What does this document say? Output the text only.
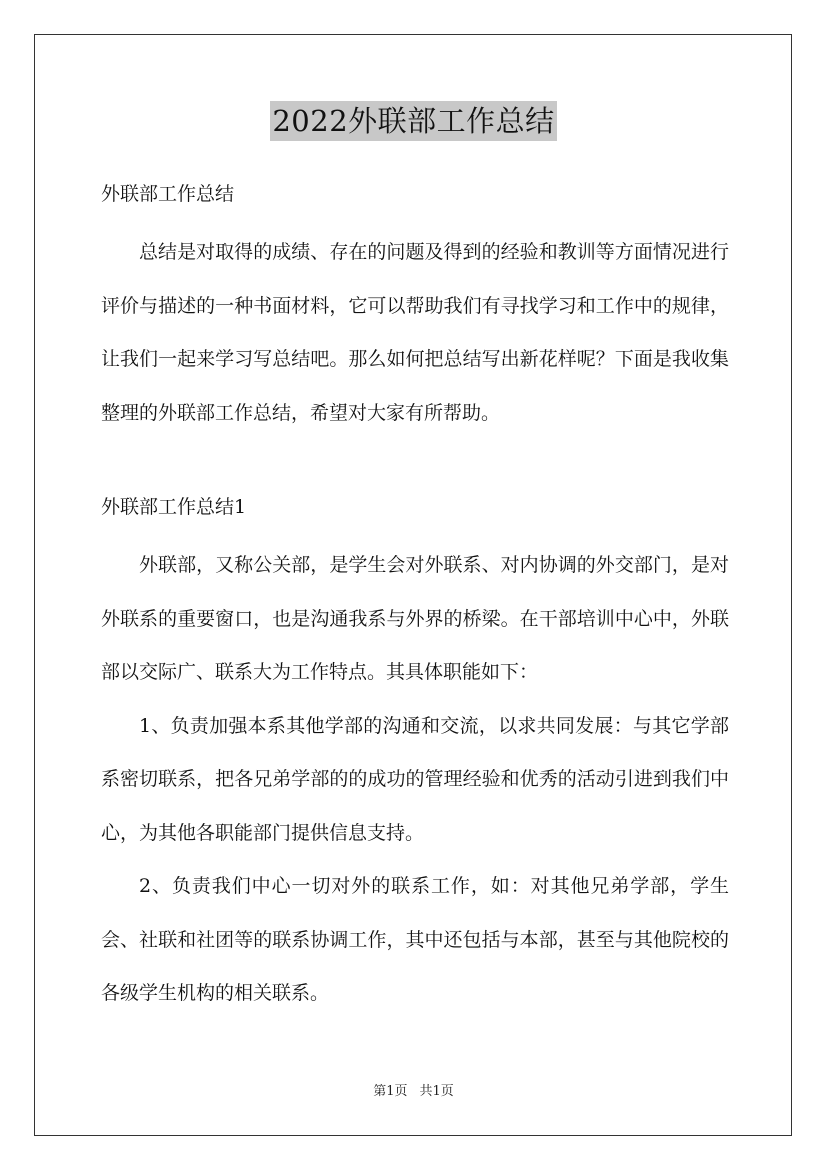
2022外联部工作总结

外联部工作总结

总结是对取得的成绩、存在的问题及得到的经验和教训等方面情况进行评价与描述的一种书面材料，它可以帮助我们有寻找学习和工作中的规律，让我们一起来学习写总结吧。那么如何把总结写出新花样呢？下面是我收集整理的外联部工作总结，希望对大家有所帮助。

外联部工作总结1

外联部，又称公关部，是学生会对外联系、对内协调的外交部门，是对外联系的重要窗口，也是沟通我系与外界的桥梁。在干部培训中心中，外联部以交际广、联系大为工作特点。其具体职能如下：

1、负责加强本系其他学部的沟通和交流，以求共同发展：与其它学部系密切联系，把各兄弟学部的的成功的管理经验和优秀的活动引进到我们中心，为其他各职能部门提供信息支持。

2、负责我们中心一切对外的联系工作，如：对其他兄弟学部，学生会、社联和社团等的联系协调工作，其中还包括与本部，甚至与其他院校的各级学生机构的相关联系。

第1页 共1页
